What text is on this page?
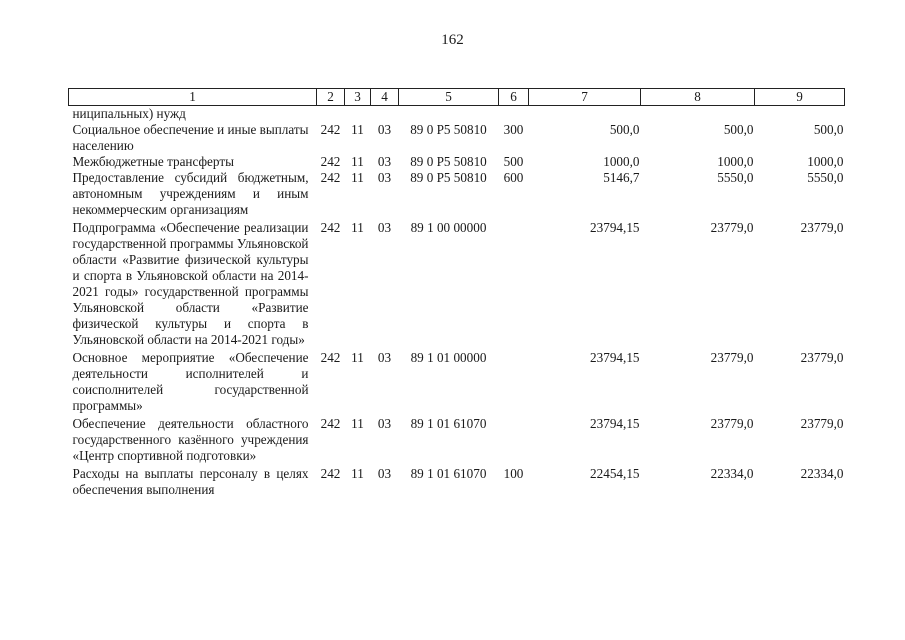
162
1	2	3	4	5	6	7	8	9
ниципальных) нужд								
Социальное обеспечение и иные выплаты населению	242	11	03	89 0 P5 50810	300	500,0	500,0	500,0
Межбюджетные трансферты	242	11	03	89 0 P5 50810	500	1000,0	1000,0	1000,0
Предоставление субсидий бюджетным, автономным учреждениям и иным некоммерческим организациям	242	11	03	89 0 P5 50810	600	5146,7	5550,0	5550,0
Подпрограмма «Обеспечение реализации государственной программы Ульяновской области «Развитие физической культуры и спорта в Ульяновской области на 2014-2021 годы» государственной программы Ульяновской области «Развитие физической культуры и спорта в Ульяновской области на 2014-2021 годы»	242	11	03	89 1 00 00000		23794,15	23779,0	23779,0
Основное мероприятие «Обеспечение деятельности исполнителей и соисполнителей государственной программы»	242	11	03	89 1 01 00000		23794,15	23779,0	23779,0
Обеспечение деятельности областного государственного казённого учреждения «Центр спортивной подготовки»	242	11	03	89 1 01 61070		23794,15	23779,0	23779,0
Расходы на выплаты персоналу в целях обеспечения выполнения	242	11	03	89 1 01 61070	100	22454,15	22334,0	22334,0
